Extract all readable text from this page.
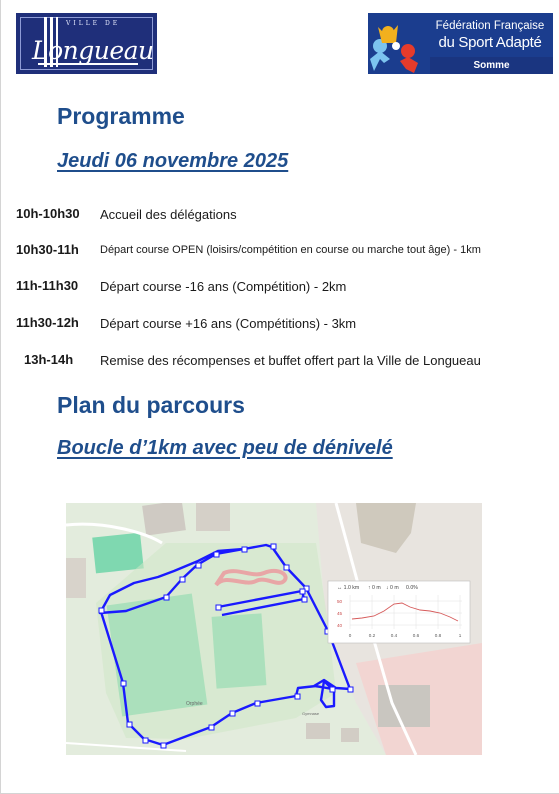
VILLE DE
Longueau
Fédération Française
du Sport Adapté
Somme
Programme
Jeudi 06 novembre 2025
10h-10h30 Accueil des délégations
10h30-11h Départ course OPEN (loisirs/compétition en course ou marche tout âge) - 1km
11h-11h30 Départ course -16 ans (Compétition) - 2km
11h30-12h Départ course +16 ans (Compétitions) - 3km
13h-14h Remise des récompenses et buffet offert part la Ville de Longueau
Plan du parcours
Boucle d’1km avec peu de dénivelé
Orphée
Gymnase
↔ 1.0 km ↑ 0 m ↓ 0 m 0.0%
50
45
40
0	0.2	0.4	0.6	0.8	1
